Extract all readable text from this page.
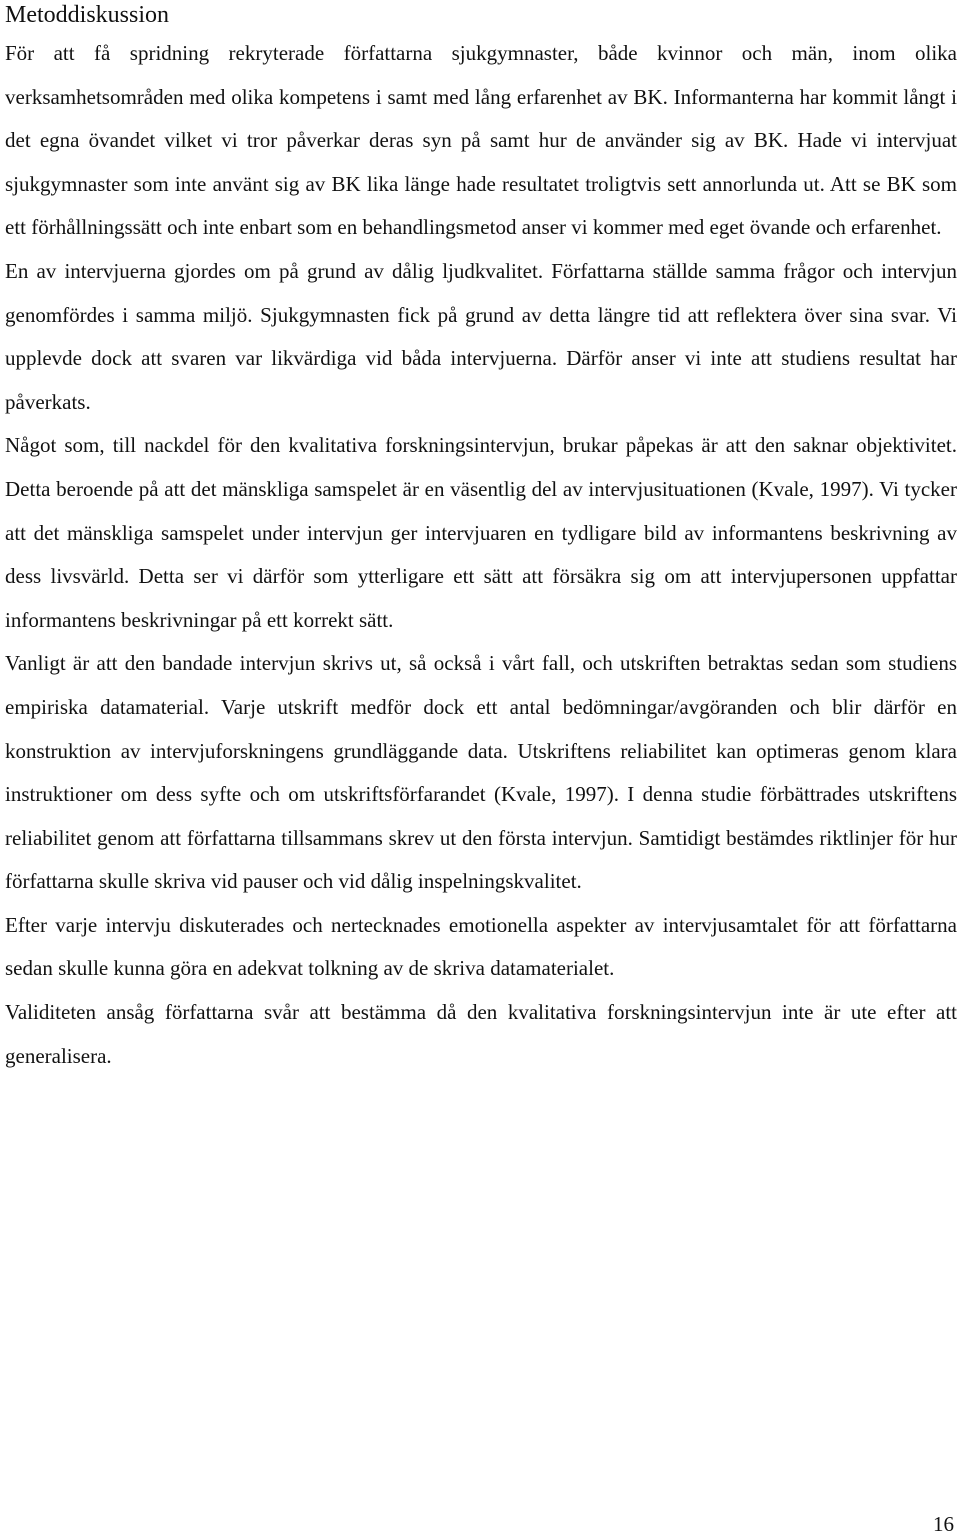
Metoddiskussion

För att få spridning rekryterade författarna sjukgymnaster, både kvinnor och män, inom olika verksamhetsområden med olika kompetens i samt med lång erfarenhet av BK. Informanterna har kommit långt i det egna övandet vilket vi tror påverkar deras syn på samt hur de använder sig av BK. Hade vi intervjuat sjukgymnaster som inte använt sig av BK lika länge hade resultatet troligtvis sett annorlunda ut. Att se BK som ett förhållningssätt och inte enbart som en behandlingsmetod anser vi kommer med eget övande och erfarenhet.

En av intervjuerna gjordes om på grund av dålig ljudkvalitet. Författarna ställde samma frågor och intervjun genomfördes i samma miljö. Sjukgymnasten fick på grund av detta längre tid att reflektera över sina svar. Vi upplevde dock att svaren var likvärdiga vid båda intervjuerna. Därför anser vi inte att studiens resultat har påverkats.

Något som, till nackdel för den kvalitativa forskningsintervjun, brukar påpekas är att den saknar objektivitet. Detta beroende på att det mänskliga samspelet är en väsentlig del av intervjusituationen (Kvale, 1997). Vi tycker att det mänskliga samspelet under intervjun ger intervjuaren en tydligare bild av informantens beskrivning av dess livsvärld. Detta ser vi därför som ytterligare ett sätt att försäkra sig om att intervjupersonen uppfattar informantens beskrivningar på ett korrekt sätt.

Vanligt är att den bandade intervjun skrivs ut, så också i vårt fall, och utskriften betraktas sedan som studiens empiriska datamaterial. Varje utskrift medför dock ett antal bedömningar/avgöranden och blir därför en konstruktion av intervjuforskningens grundläggande data. Utskriftens reliabilitet kan optimeras genom klara instruktioner om dess syfte och om utskriftsförfarandet (Kvale, 1997). I denna studie förbättrades utskriftens reliabilitet genom att författarna tillsammans skrev ut den första intervjun. Samtidigt bestämdes riktlinjer för hur författarna skulle skriva vid pauser och vid dålig inspelningskvalitet.

Efter varje intervju diskuterades och nertecknades emotionella aspekter av intervjusamtalet för att författarna sedan skulle kunna göra en adekvat tolkning av de skriva datamaterialet.

Validiteten ansåg författarna svår att bestämma då den kvalitativa forskningsintervjun inte är ute efter att generalisera.

16
